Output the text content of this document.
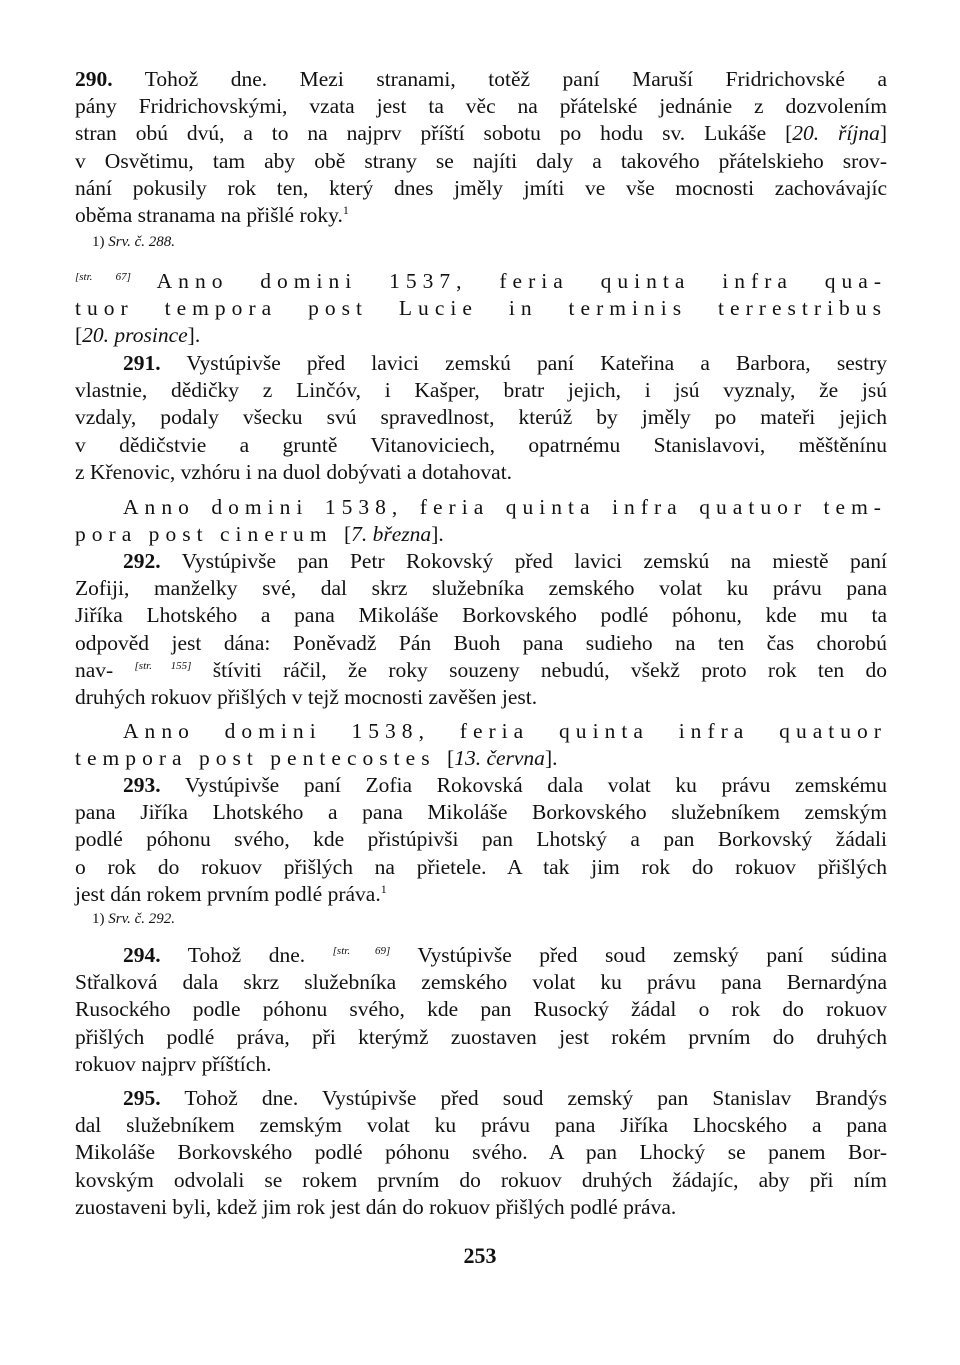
290. Tohož dne. Mezi stranami, totěž paní Maruší Fridrichovské a
pány Fridrichovskými, vzata jest ta věc na přátelské jednánie z dozvolením
stran obú dvú, a to na najprv příští sobotu po hodu sv. Lukáše [20. října]
v Osvětimu, tam aby obě strany se najíti daly a takového přátelskieho srov-
nání pokusily rok ten, který dnes jměly jmíti ve vše mocnosti zachovávajíc
oběma stranama na přišlé roky.$^1$
1) Srv. č. 288.
[str. 67] Anno domini 1537, feria quinta infra qua-
tuor tempora post Lucie in terminis terrestribus
[20. prosince].
291. Vystúpivše před lavici zemskú paní Kateřina a Barbora, sestry
vlastnie, dědičky z Linčóv, i Kašper, bratr jejich, i jsú vyznaly, že jsú
vzdaly, podaly všecku svú spravedlnost, kterúž by jměly po mateři jejich
v dědičstvie a gruntě Vitanoviciech, opatrnému Stanislavovi, měštěnínu
z Křenovic, vzhóru i na duol dobývati a dotahovat.
Anno domini 1538, feria quinta infra quatuor tem-
pora post cinerum [7. března].
292. Vystúpivše pan Petr Rokovský před lavici zemskú na miestě paní
Zofiji, manželky své, dal skrz služebníka zemského volat ku právu pana
Jiříka Lhotského a pana Mikoláše Borkovského podlé póhonu, kde mu ta
odpověd jest dána: Poněvadž Pán Buoh pana sudieho na ten čas chorobú
nav- [str. 155] štíviti ráčil, že roky souzeny nebudú, všekž proto rok ten do
druhých rokuov přišlých v tejž mocnosti zavěšen jest.
Anno domini 1538, feria quinta infra quatuor
tempora post pentecostes [13. června].
293. Vystúpivše paní Zofia Rokovská dala volat ku právu zemskému
pana Jiříka Lhotského a pana Mikoláše Borkovského služebníkem zemským
podlé póhonu svého, kde přistúpivši pan Lhotský a pan Borkovský žádali
o rok do rokuov přišlých na přietele. A tak jim rok do rokuov přišlých
jest dán rokem prvním podlé práva.$^1$
1) Srv. č. 292.
294. Tohož dne. [str. 69] Vystúpivše před soud zemský paní súdina
Střalková dala skrz služebníka zemského volat ku právu pana Bernardýna
Rusockého podle póhonu svého, kde pan Rusocký žádal o rok do rokuov
přišlých podlé práva, při kterýmž zuostaven jest rokém prvním do druhých
rokuov najprv příštích.
295. Tohož dne. Vystúpivše před soud zemský pan Stanislav Brandýs
dal služebníkem zemským volat ku právu pana Jiříka Lhocského a pana
Mikoláše Borkovského podlé póhonu svého. A pan Lhocký se panem Bor-
kovským odvolali se rokem prvním do rokuov druhých žádajíc, aby při ním
zuostaveni byli, kdež jim rok jest dán do rokuov přišlých podlé práva.
253
